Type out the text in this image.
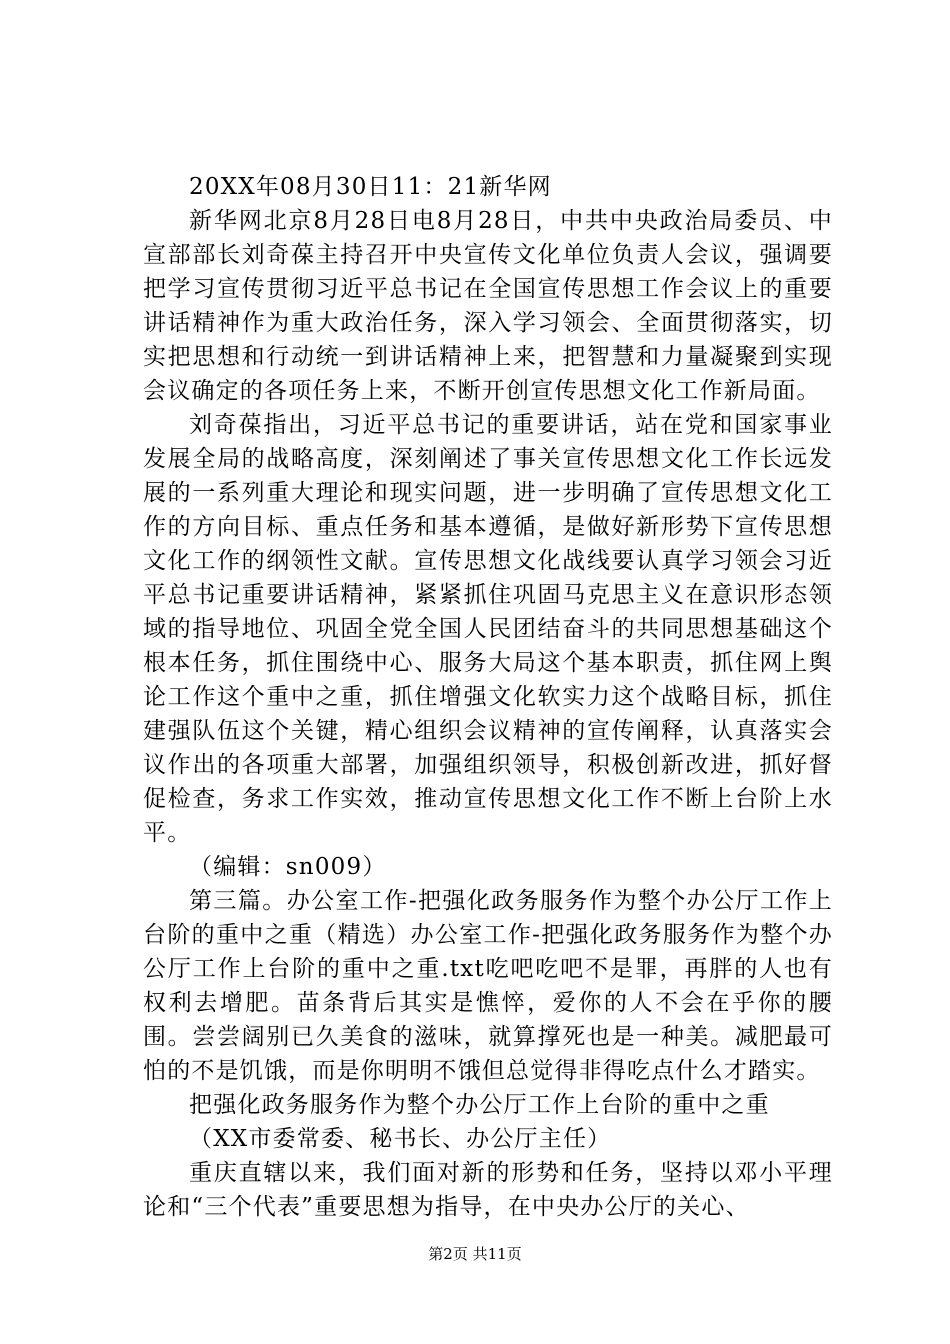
20XX年08月30日11：21新华网

新华网北京8月28日电8月28日，中共中央政治局委员、中宣部部长刘奇葆主持召开中央宣传文化单位负责人会议，强调要把学习宣传贯彻习近平总书记在全国宣传思想工作会议上的重要讲话精神作为重大政治任务，深入学习领会、全面贯彻落实，切实把思想和行动统一到讲话精神上来，把智慧和力量凝聚到实现会议确定的各项任务上来，不断开创宣传思想文化工作新局面。

刘奇葆指出，习近平总书记的重要讲话，站在党和国家事业发展全局的战略高度，深刻阐述了事关宣传思想文化工作长远发展的一系列重大理论和现实问题，进一步明确了宣传思想文化工作的方向目标、重点任务和基本遵循，是做好新形势下宣传思想文化工作的纲领性文献。宣传思想文化战线要认真学习领会习近平总书记重要讲话精神，紧紧抓住巩固马克思主义在意识形态领域的指导地位、巩固全党全国人民团结奋斗的共同思想基础这个根本任务，抓住围绕中心、服务大局这个基本职责，抓住网上舆论工作这个重中之重，抓住增强文化软实力这个战略目标，抓住建强队伍这个关键，精心组织会议精神的宣传阐释，认真落实会议作出的各项重大部署，加强组织领导，积极创新改进，抓好督促检查，务求工作实效，推动宣传思想文化工作不断上台阶上水平。

（编辑：sn009）

第三篇。办公室工作-把强化政务服务作为整个办公厅工作上台阶的重中之重（精选）办公室工作-把强化政务服务作为整个办公厅工作上台阶的重中之重.txt吃吧吃吧不是罪，再胖的人也有权利去增肥。苗条背后其实是憔悴，爱你的人不会在乎你的腰围。尝尝阔别已久美食的滋味，就算撑死也是一种美。减肥最可怕的不是饥饿，而是你明明不饿但总觉得非得吃点什么才踏实。

把强化政务服务作为整个办公厅工作上台阶的重中之重

（XX市委常委、秘书长、办公厅主任）

重庆直辖以来，我们面对新的形势和任务，坚持以邓小平理论和“三个代表”重要思想为指导，在中央办公厅的关心、

第2页 共11页
